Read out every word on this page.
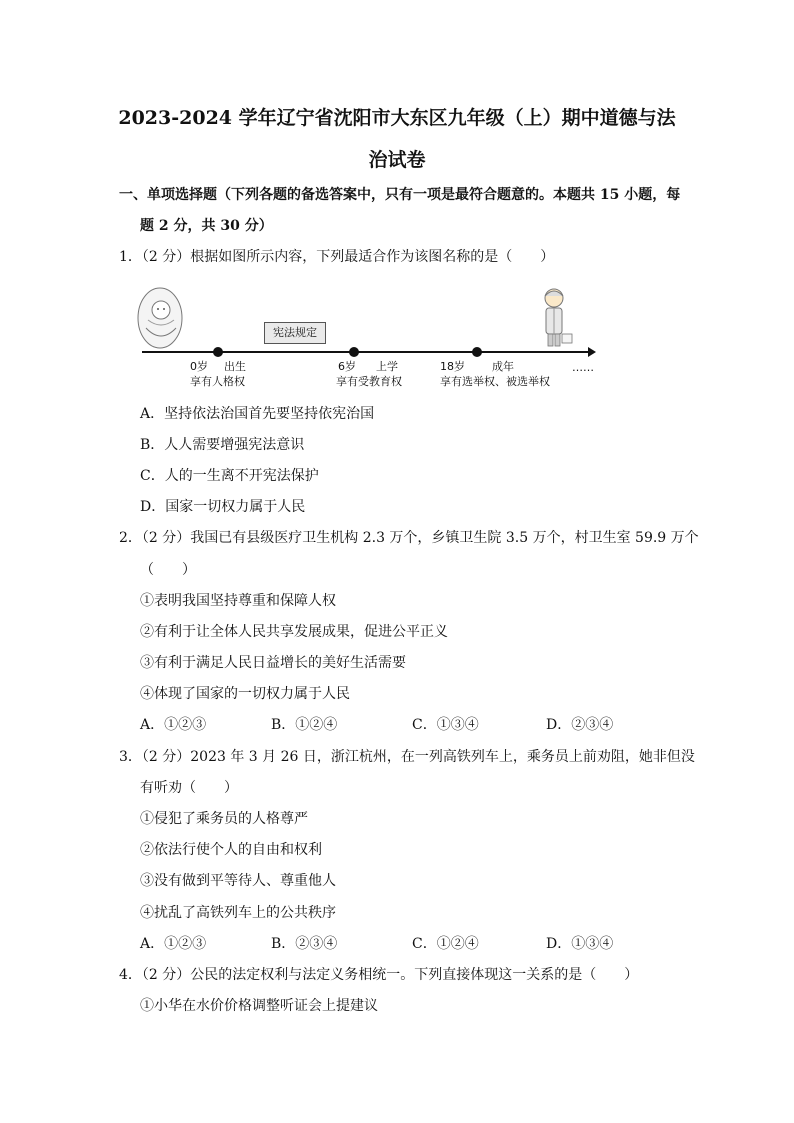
2023-2024 学年辽宁省沈阳市大东区九年级（上）期中道德与法
治试卷
一、单项选择题（下列各题的备选答案中，只有一项是最符合题意的。本题共 15 小题，每
题 2 分，共 30 分）
1．（2 分）根据如图所示内容，下列最适合作为该图名称的是（　　）
宪法规定
0岁 出生
享有人格权
6岁 上学
享有受教育权
18岁 成年
享有选举权、被选举权
……
A．坚持依法治国首先要坚持依宪治国
B．人人需要增强宪法意识
C．人的一生离不开宪法保护
D．国家一切权力属于人民
2．（2 分）我国已有县级医疗卫生机构 2.3 万个，乡镇卫生院 3.5 万个，村卫生室 59.9 万个
（　　）
①表明我国坚持尊重和保障人权
②有利于让全体人民共享发展成果，促进公平正义
③有利于满足人民日益增长的美好生活需要
④体现了国家的一切权力属于人民
A．①②③	B．①②④	C．①③④	D．②③④
3．（2 分）2023 年 3 月 26 日，浙江杭州，在一列高铁列车上，乘务员上前劝阻，她非但没
有听劝（　　）
①侵犯了乘务员的人格尊严
②依法行使个人的自由和权利
③没有做到平等待人、尊重他人
④扰乱了高铁列车上的公共秩序
A．①②③	B．②③④	C．①②④	D．①③④
4．（2 分）公民的法定权利与法定义务相统一。下列直接体现这一关系的是（　　）
①小华在水价价格调整听证会上提建议
